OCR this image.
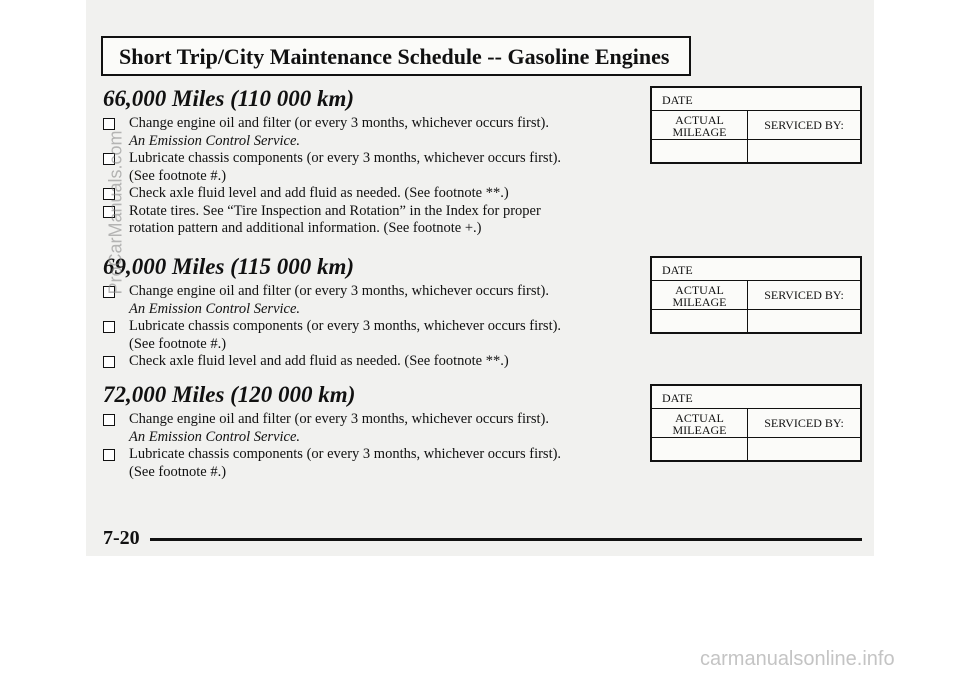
Short Trip/City Maintenance Schedule -- Gasoline Engines
66,000 Miles (110 000 km)
Change engine oil and filter (or every 3 months, whichever occurs first).
An Emission Control Service.
Lubricate chassis components (or every 3 months, whichever occurs first).
(See footnote #.)
Check axle fluid level and add fluid as needed. (See footnote **.)
Rotate tires. See “Tire Inspection and Rotation” in the Index for proper
rotation pattern and additional information. (See footnote +.)
69,000 Miles (115 000 km)
Change engine oil and filter (or every 3 months, whichever occurs first).
An Emission Control Service.
Lubricate chassis components (or every 3 months, whichever occurs first).
(See footnote #.)
Check axle fluid level and add fluid as needed. (See footnote **.)
72,000 Miles (120 000 km)
Change engine oil and filter (or every 3 months, whichever occurs first).
An Emission Control Service.
Lubricate chassis components (or every 3 months, whichever occurs first).
(See footnote #.)
DATE
ACTUAL
MILEAGE	SERVICED BY:
DATE
ACTUAL
MILEAGE	SERVICED BY:
DATE
ACTUAL
MILEAGE	SERVICED BY:
7-20
ProCarManuals.com
carmanualsonline.info
